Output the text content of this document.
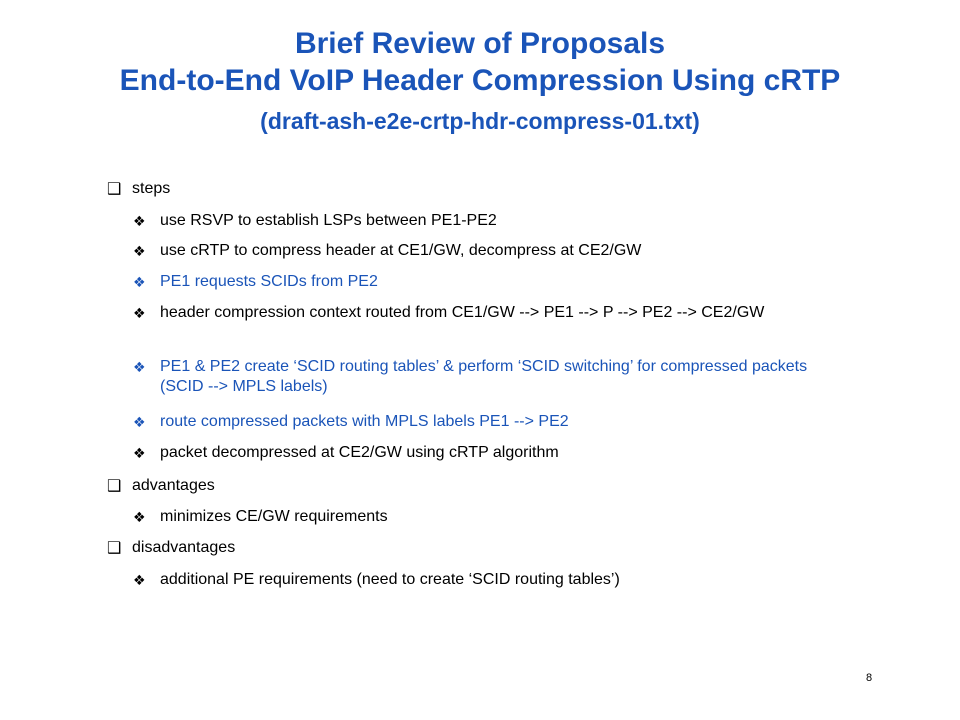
Brief Review of Proposals
End-to-End VoIP Header Compression Using cRTP
(draft-ash-e2e-crtp-hdr-compress-01.txt)
❑ steps
❖ use RSVP to establish LSPs between PE1-PE2
❖ use cRTP to compress header at CE1/GW, decompress at CE2/GW
❖ PE1 requests SCIDs from PE2
❖ header compression context routed from CE1/GW --> PE1 --> P --> PE2 --> CE2/GW
❖ PE1 & PE2 create ‘SCID routing tables’ & perform ‘SCID switching’ for compressed packets (SCID --> MPLS labels)
❖ route compressed packets with MPLS labels PE1 --> PE2
❖ packet decompressed at CE2/GW using cRTP algorithm
❑ advantages
❖ minimizes CE/GW requirements
❑ disadvantages
❖ additional PE requirements (need to create ‘SCID routing tables’)
8
